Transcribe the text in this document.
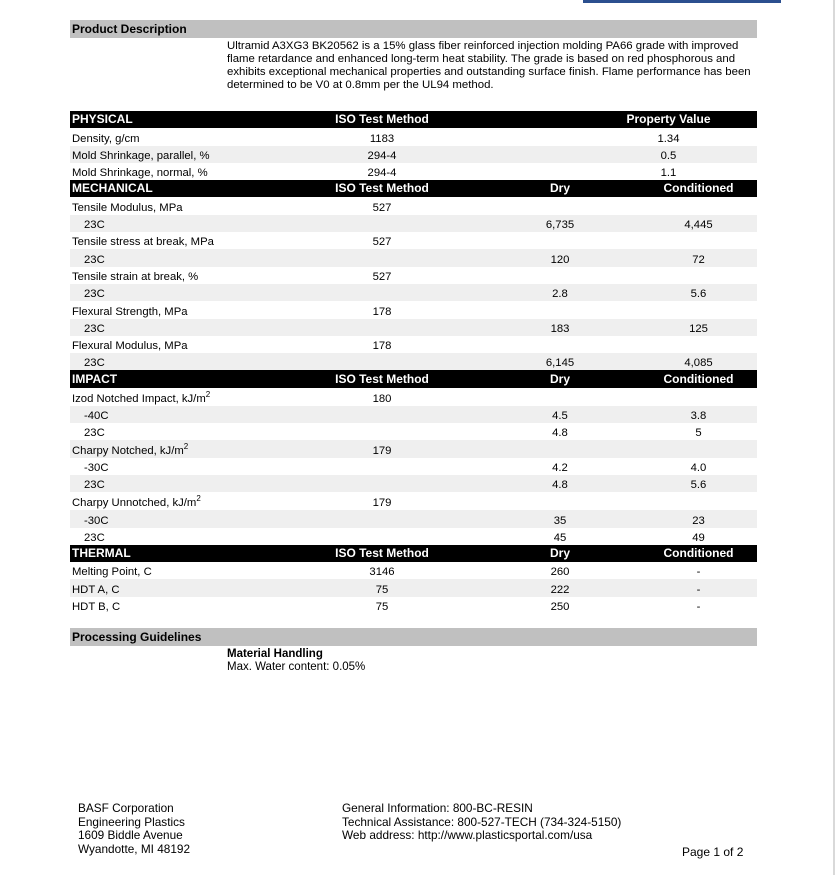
Product Description
Ultramid A3XG3 BK20562 is a 15% glass fiber reinforced injection molding PA66 grade with improved flame retardance and enhanced long-term heat stability. The grade is based on red phosphorous and exhibits exceptional mechanical properties and outstanding surface finish. Flame performance has been determined to be V0 at 0.8mm per the UL94 method.
PHYSICAL	ISO Test Method	Property Value	
Density, g/cm	1183	1.34	
Mold Shrinkage, parallel, %	294-4	0.5	
Mold Shrinkage, normal, %	294-4	1.1	
MECHANICAL	ISO Test Method	Dry	Conditioned
Tensile Modulus, MPa	527		
23C		6,735	4,445
Tensile stress at break, MPa	527		
23C		120	72
Tensile strain at break, %	527		
23C		2.8	5.6
Flexural Strength, MPa	178		
23C		183	125
Flexural Modulus, MPa	178		
23C		6,145	4,085
IMPACT	ISO Test Method	Dry	Conditioned
Izod Notched Impact, $kJ/m^2$	180		
-40C		4.5	3.8
23C		4.8	5
Charpy Notched, $kJ/m^2$	179		
-30C		4.2	4.0
23C		4.8	5.6
Charpy Unnotched, $kJ/m^2$	179		
-30C		35	23
23C		45	49
THERMAL	ISO Test Method	Dry	Conditioned
Melting Point, C	3146	260	-
HDT A, C	75	222	-
HDT B, C	75	250	-
Processing Guidelines
Material Handling
Max. Water content: 0.05%
BASF Corporation
Engineering Plastics
1609 Biddle Avenue
Wyandotte, MI 48192
General Information: 800-BC-RESIN
Technical Assistance: 800-527-TECH (734-324-5150)
Web address: http://www.plasticsportal.com/usa
Page 1 of 2
